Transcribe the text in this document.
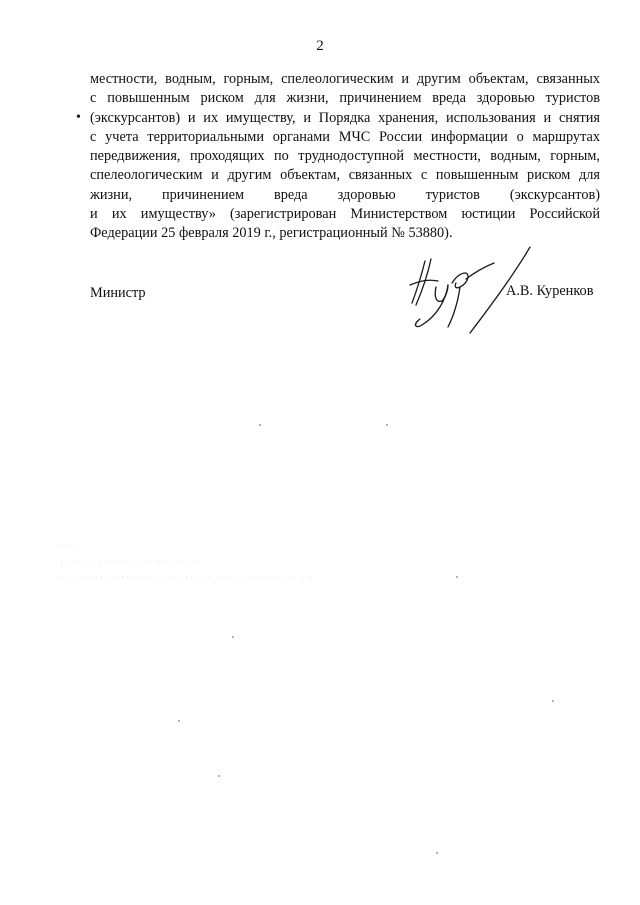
2
•
местности, водным, горным, спелеологическим и другим объектам, связанных
с повышенным риском для жизни, причинением вреда здоровью туристов
(экскурсантов) и их имуществу, и Порядка хранения, использования и снятия
с учета территориальными органами МЧС России информации о маршрутах
передвижения, проходящих по труднодоступной местности, водным, горным,
спелеологическим и другим объектам, связанных с повышенным риском для
жизни, причинением вреда здоровью туристов (экскурсантов)
и их имуществу» (зарегистрирован Министерством юстиции Российской
Федерации 25 февраля 2019 г., регистрационный № 53880).
Министр	А.В. Куренков
· · ·
: ·· · · · · · · ·· ·· ·· · ·· ·
·· · · ··· ·· ··· · · · · ·· ·· · · ·· · ·· · · · · ··· · ·
